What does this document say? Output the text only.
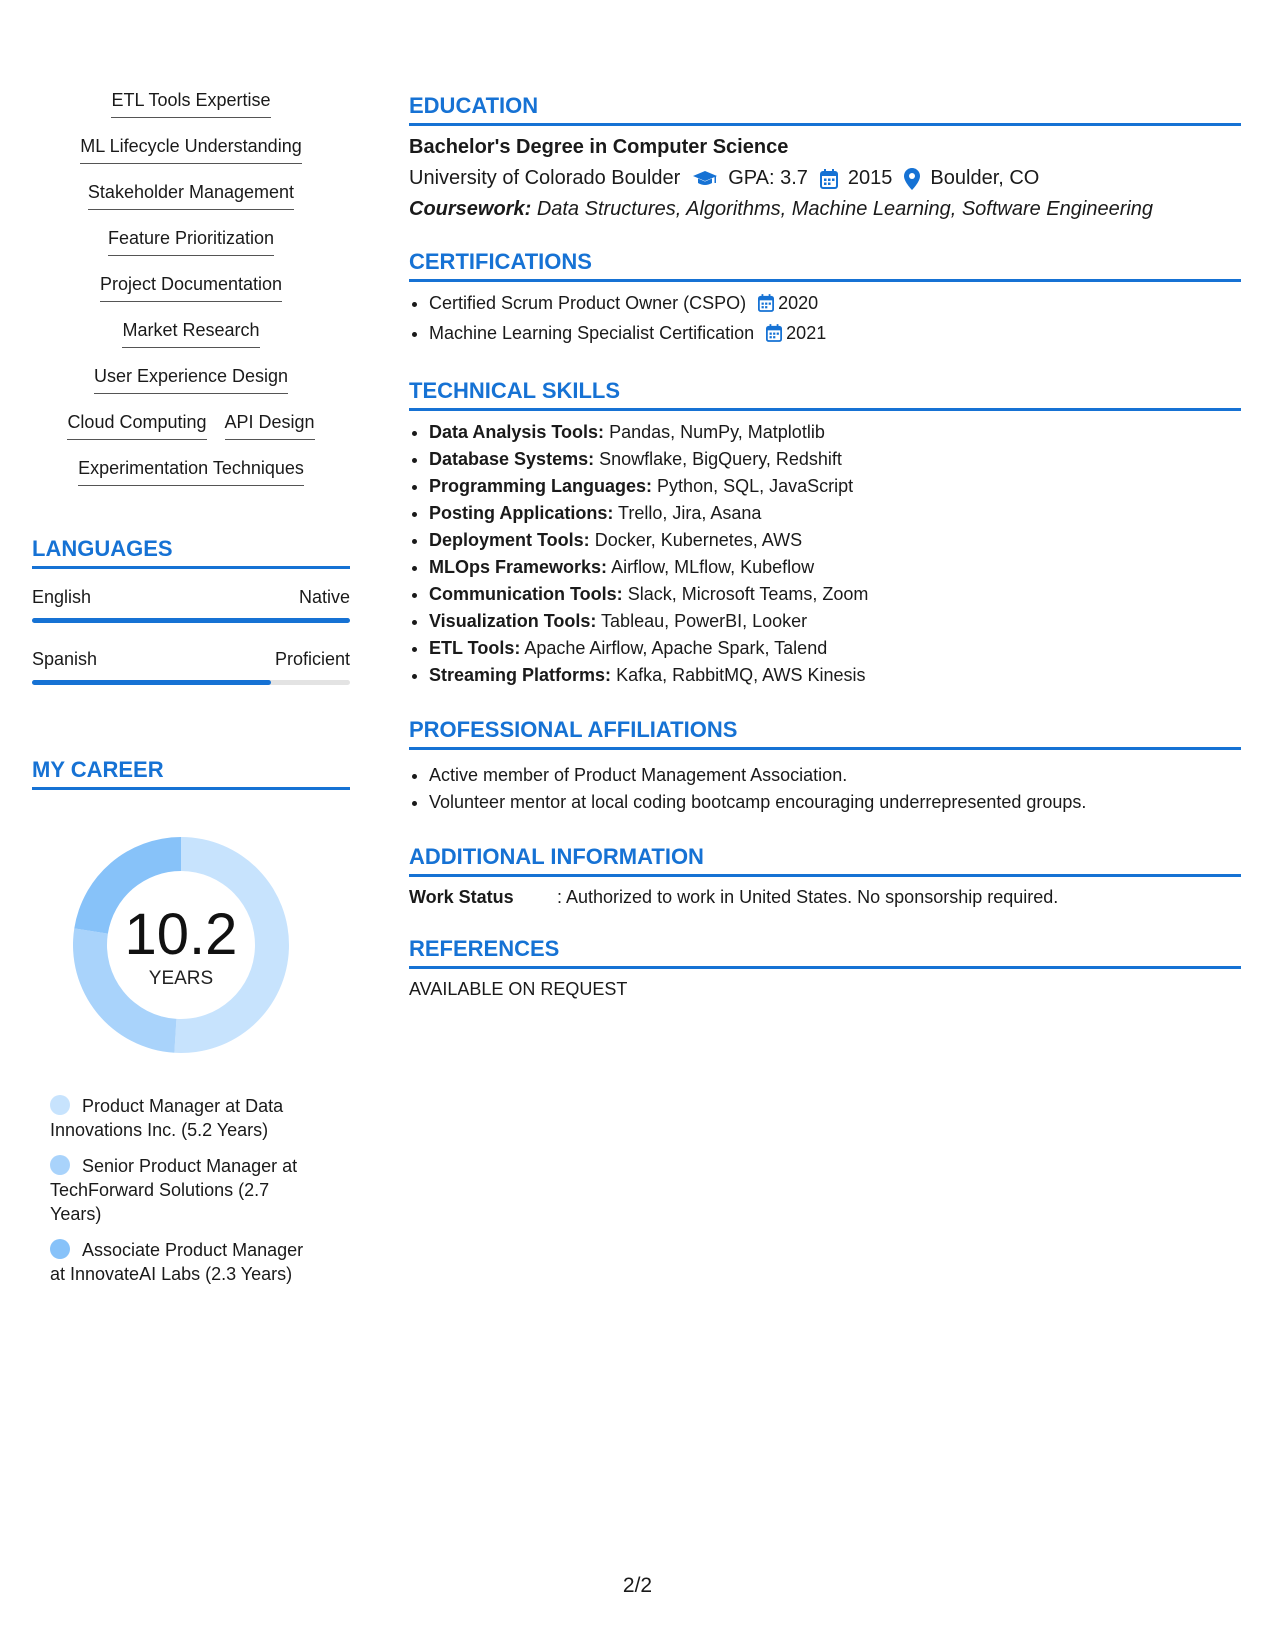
ETL Tools Expertise
ML Lifecycle Understanding
Stakeholder Management
Feature Prioritization
Project Documentation
Market Research
User Experience Design
Cloud Computing API Design
Experimentation Techniques
LANGUAGES
English	Native
Spanish	Proficient
MY CAREER
10.2
YEARS
Product Manager at Data Innovations Inc. (5.2 Years)
Senior Product Manager at TechForward Solutions (2.7 Years)
Associate Product Manager at InnovateAI Labs (2.3 Years)
EDUCATION
Bachelor's Degree in Computer Science
University of Colorado Boulder GPA: 3.7 2015 Boulder, CO
Coursework: Data Structures, Algorithms, Machine Learning, Software Engineering
CERTIFICATIONS
• Certified Scrum Product Owner (CSPO) 2020
• Machine Learning Specialist Certification 2021
TECHNICAL SKILLS
• Data Analysis Tools: Pandas, NumPy, Matplotlib
• Database Systems: Snowflake, BigQuery, Redshift
• Programming Languages: Python, SQL, JavaScript
• Posting Applications: Trello, Jira, Asana
• Deployment Tools: Docker, Kubernetes, AWS
• MLOps Frameworks: Airflow, MLflow, Kubeflow
• Communication Tools: Slack, Microsoft Teams, Zoom
• Visualization Tools: Tableau, PowerBI, Looker
• ETL Tools: Apache Airflow, Apache Spark, Talend
• Streaming Platforms: Kafka, RabbitMQ, AWS Kinesis
PROFESSIONAL AFFILIATIONS
• Active member of Product Management Association.
• Volunteer mentor at local coding bootcamp encouraging underrepresented groups.
ADDITIONAL INFORMATION
Work Status	: Authorized to work in United States. No sponsorship required.
REFERENCES
AVAILABLE ON REQUEST
2/2
